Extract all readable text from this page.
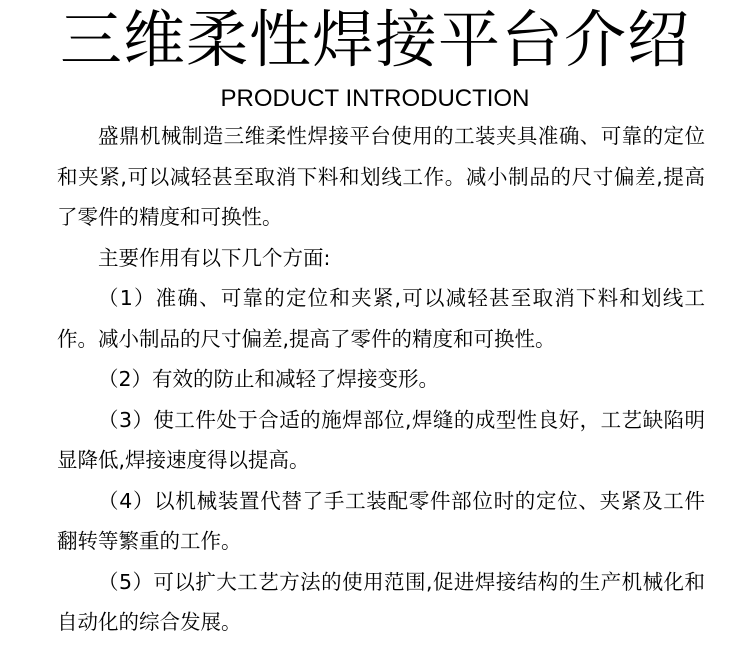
三维柔性焊接平台介绍
PRODUCT INTRODUCTION

盛鼎机械制造三维柔性焊接平台使用的工装夹具准确、可靠的定位和夹紧,可以减轻甚至取消下料和划线工作。减小制品的尺寸偏差,提高了零件的精度和可换性。

主要作用有以下几个方面:

（1）准确、可靠的定位和夹紧,可以减轻甚至取消下料和划线工作。减小制品的尺寸偏差,提高了零件的精度和可换性。

（2）有效的防止和减轻了焊接变形。

（3）使工件处于合适的施焊部位,焊缝的成型性良好，工艺缺陷明显降低,焊接速度得以提高。

（4）以机械装置代替了手工装配零件部位时的定位、夹紧及工件翻转等繁重的工作。

（5）可以扩大工艺方法的使用范围,促进焊接结构的生产机械化和自动化的综合发展。
